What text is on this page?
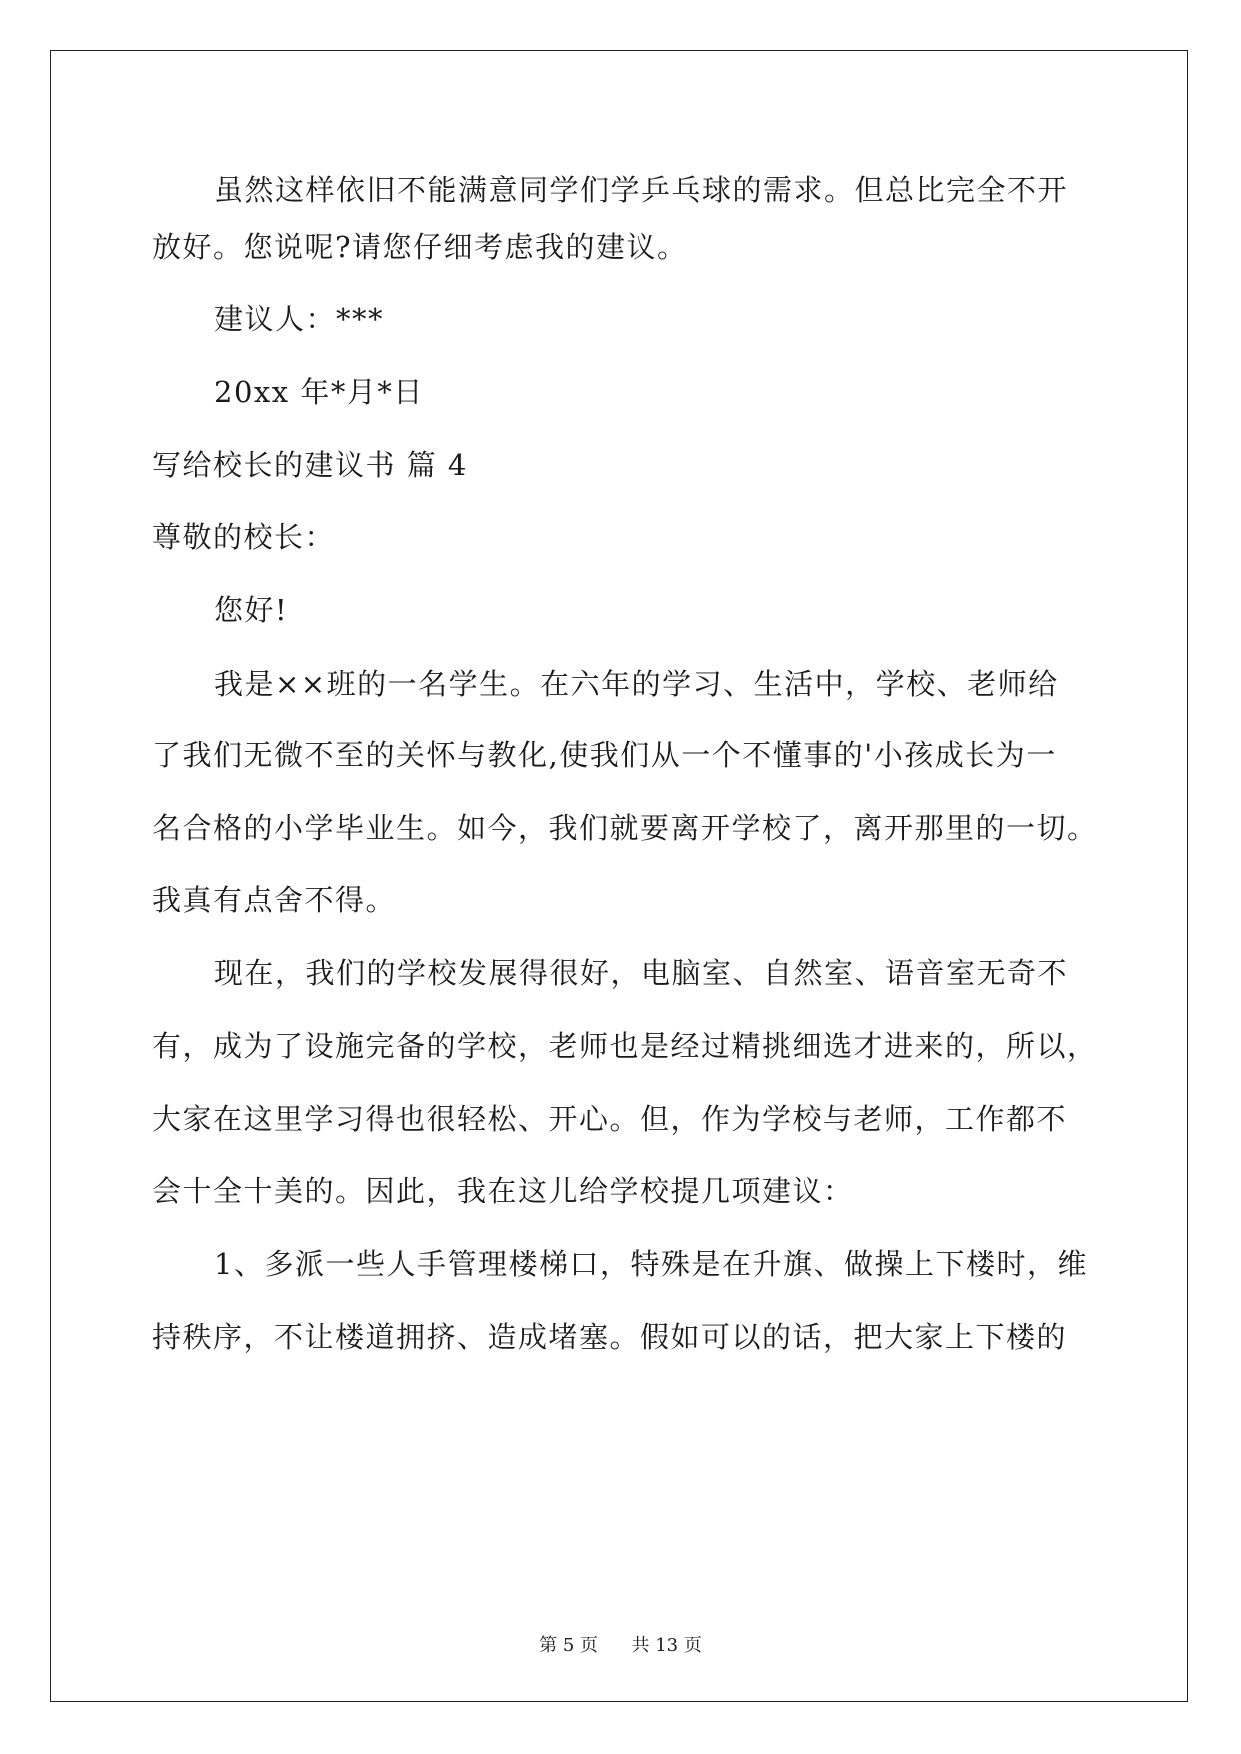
虽然这样依旧不能满意同学们学乒乓球的需求。但总比完全不开
放好。您说呢?请您仔细考虑我的建议。
建议人：***
20xx 年*月*日
写给校长的建议书 篇 4
尊敬的校长：
您好!
我是××班的一名学生。在六年的学习、生活中，学校、老师给
了我们无微不至的关怀与教化,使我们从一个不懂事的'小孩成长为一
名合格的小学毕业生。如今，我们就要离开学校了，离开那里的一切。
我真有点舍不得。
现在，我们的学校发展得很好，电脑室、自然室、语音室无奇不
有，成为了设施完备的学校，老师也是经过精挑细选才进来的，所以，
大家在这里学习得也很轻松、开心。但，作为学校与老师，工作都不
会十全十美的。因此，我在这儿给学校提几项建议：
1、多派一些人手管理楼梯口，特殊是在升旗、做操上下楼时，维
持秩序，不让楼道拥挤、造成堵塞。假如可以的话，把大家上下楼的
第 5 页 共 13 页
